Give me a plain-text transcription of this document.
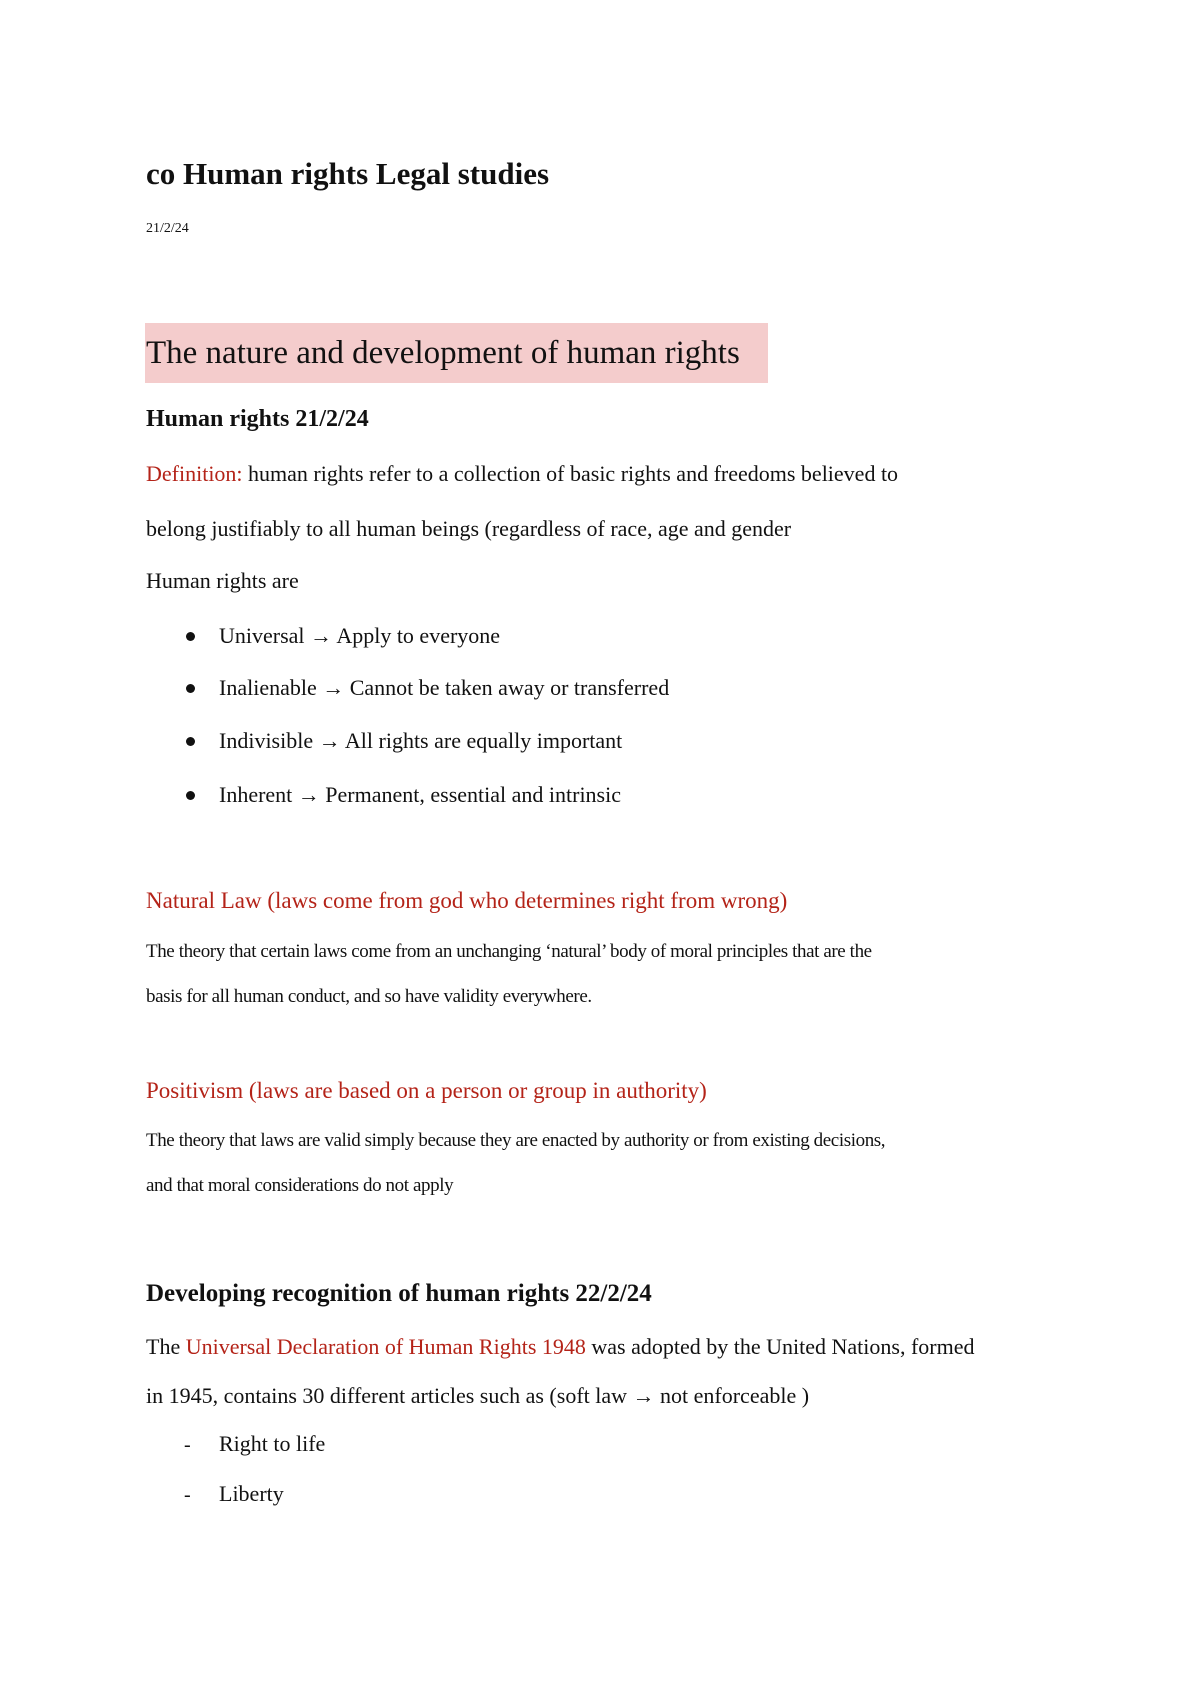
co Human rights Legal studies
21/2/24
The nature and development of human rights
Human rights 21/2/24
Definition: human rights refer to a collection of basic rights and freedoms believed to
belong justifiably to all human beings (regardless of race, age and gender
Human rights are
Universal → Apply to everyone
Inalienable → Cannot be taken away or transferred
Indivisible → All rights are equally important
Inherent → Permanent, essential and intrinsic
Natural Law (laws come from god who determines right from wrong)
The theory that certain laws come from an unchanging ‘natural’ body of moral principles that are the
basis for all human conduct, and so have validity everywhere.
Positivism (laws are based on a person or group in authority)
The theory that laws are valid simply because they are enacted by authority or from existing decisions,
and that moral considerations do not apply
Developing recognition of human rights 22/2/24
The Universal Declaration of Human Rights 1948 was adopted by the United Nations, formed
in 1945, contains 30 different articles such as (soft law → not enforceable )
- Right to life
- Liberty
